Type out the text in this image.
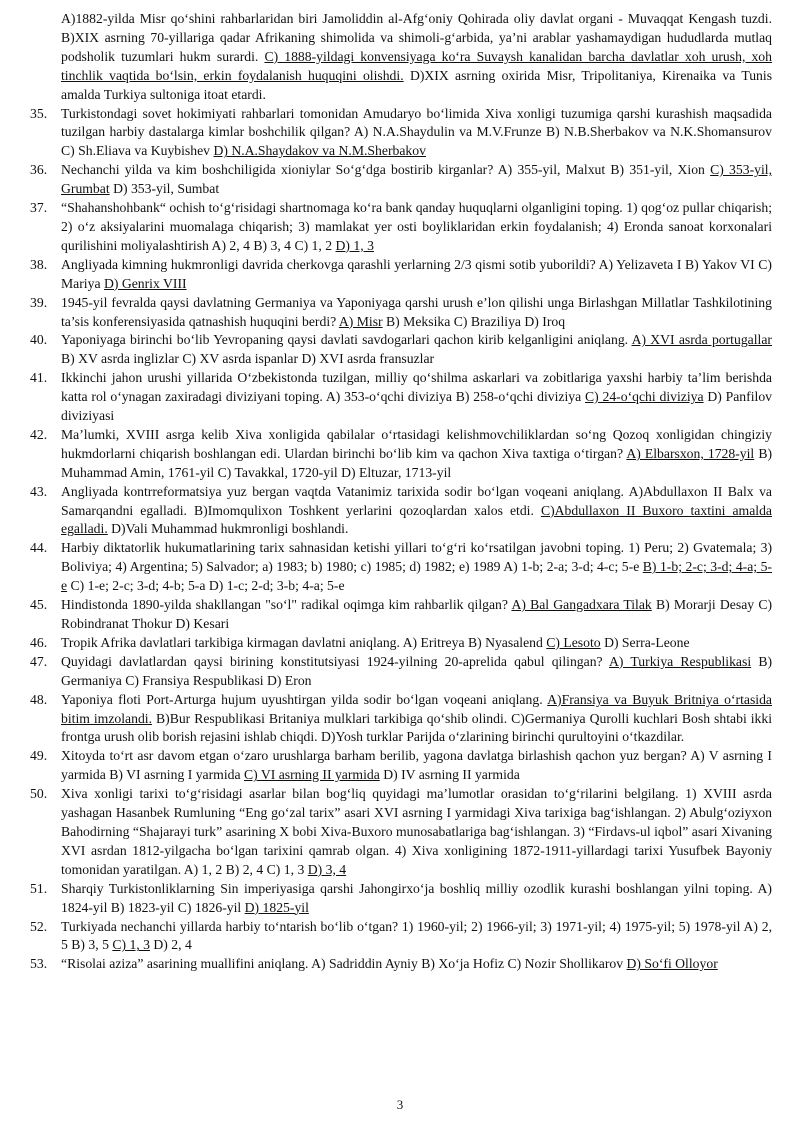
A)1882-yilda Misr qo‘shini rahbarlaridan biri Jamoliddin al-Afg‘oniy Qohirada oliy davlat organi - Muvaqqat Kengash tuzdi. B)XIX asrning 70-yillariga qadar Afrikaning shimolida va shimoli-g‘arbida, ya’ni arablar yashamaydigan hududlarda mutlaq podsholik tuzumlari hukm surardi. C) 1888-yildagi konvensiyaga ko‘ra Suvaysh kanalidan barcha davlatlar xoh urush, xoh tinchlik vaqtida bo‘lsin, erkin foydalanish huquqini olishdi. D)XIX asrning oxirida Misr, Tripolitaniya, Kirenaika va Tunis amalda Turkiya sultoniga itoat etardi.
35. Turkistondagi sovet hokimiyati rahbarlari tomonidan Amudaryo bo‘limida Xiva xonligi tuzumiga qarshi kurashish maqsadida tuzilgan harbiy dastalarga kimlar boshchilik qilgan? A) N.A.Shaydulin va M.V.Frunze B) N.B.Sherbakov va N.K.Shomansurov C) Sh.Eliava va Kuybishev D) N.A.Shaydakov va N.M.Sherbakov
36. Nechanchi yilda va kim boshchiligida xioniylar So‘g‘dga bostirib kirganlar? A) 355-yil, Malxut B) 351-yil, Xion C) 353-yil, Grumbat D) 353-yil, Sumbat
37. “Shahanshohbank“ ochish to‘g‘risidagi shartnomaga ko‘ra bank qanday huquqlarni olganligini toping. 1) qog‘oz pullar chiqarish; 2) o‘z aksiyalarini muomalaga chiqarish; 3) mamlakat yer osti boyliklaridan erkin foydalanish; 4) Eronda sanoat korxonalari qurilishini moliyalashtirish A) 2, 4 B) 3, 4 C) 1, 2 D) 1, 3
38. Angliyada kimning hukmronligi davrida cherkovga qarashli yerlarning 2/3 qismi sotib yuborildi? A) Yelizaveta I B) Yakov VI C) Mariya D) Genrix VIII
39. 1945-yil fevralda qaysi davlatning Germaniya va Yaponiyaga qarshi urush e’lon qilishi unga Birlashgan Millatlar Tashkilotining ta’sis konferensiyasida qatnashish huquqini berdi? A) Misr B) Meksika C) Braziliya D) Iroq
40. Yaponiyaga birinchi bo‘lib Yevropaning qaysi davlati savdogarlari qachon kirib kelganligini aniqlang. A) XVI asrda portugallar B) XV asrda inglizlar C) XV asrda ispanlar D) XVI asrda fransuzlar
41. Ikkinchi jahon urushi yillarida O‘zbekistonda tuzilgan, milliy qo‘shilma askarlari va zobitlariga yaxshi harbiy ta’lim berishda katta rol o‘ynagan zaxiradagi diviziyani toping. A) 353-o‘qchi diviziya B) 258-o‘qchi diviziya C) 24-o‘qchi diviziya D) Panfilov diviziyasi
42. Ma’lumki, XVIII asrga kelib Xiva xonligida qabilalar o‘rtasidagi kelishmovchiliklardan so‘ng Qozoq xonligidan chingiziy hukmdorlarni chiqarish boshlangan edi. Ulardan birinchi bo‘lib kim va qachon Xiva taxtiga o‘tirgan? A) Elbarsxon, 1728-yil B) Muhammad Amin, 1761-yil C) Tavakkal, 1720-yil D) Eltuzar, 1713-yil
43. Angliyada kontrreformatsiya yuz bergan vaqtda Vatanimiz tarixida sodir bo‘lgan voqeani aniqlang. A)Abdullaxon II Balx va Samarqandni egalladi. B)Imomqulixon Toshkent yerlarini qozoqlardan xalos etdi. C)Abdullaxon II Buxoro taxtini amalda egalladi. D)Vali Muhammad hukmronligi boshlandi.
44. Harbiy diktatorlik hukumatlarining tarix sahnasidan ketishi yillari to‘g‘ri ko‘rsatilgan javobni toping. 1) Peru; 2) Gvatemala; 3) Boliviya; 4) Argentina; 5) Salvador; a) 1983; b) 1980; c) 1985; d) 1982; e) 1989 A) 1-b; 2-a; 3-d; 4-c; 5-e B) 1-b; 2-c; 3-d; 4-a; 5-e C) 1-e; 2-c; 3-d; 4-b; 5-a D) 1-c; 2-d; 3-b; 4-a; 5-e
45. Hindistonda 1890-yilda shakllangan "so‘l" radikal oqimga kim rahbarlik qilgan? A) Bal Gangadxara Tilak B) Morarji Desay C) Robindranat Thokur D) Kesari
46. Tropik Afrika davlatlari tarkibiga kirmagan davlatni aniqlang. A) Eritreya B) Nyasalend C) Lesoto D) Serra-Leone
47. Quyidagi davlatlardan qaysi birining konstitutsiyasi 1924-yilning 20-aprelida qabul qilingan? A) Turkiya Respublikasi B) Germaniya C) Fransiya Respublikasi D) Eron
48. Yaponiya floti Port-Arturga hujum uyushtirgan yilda sodir bo‘lgan voqeani aniqlang. A)Fransiya va Buyuk Britniya o‘rtasida bitim imzolandi. B)Bur Respublikasi Britaniya mulklari tarkibiga qo‘shib olindi. C)Germaniya Qurolli kuchlari Bosh shtabi ikki frontga urush olib borish rejasini ishlab chiqdi. D)Yosh turklar Parijda o‘zlarining birinchi qurultoyini o‘tkazdilar.
49. Xitoyda to‘rt asr davom etgan o‘zaro urushlarga barham berilib, yagona davlatga birlashish qachon yuz bergan? A) V asrning I yarmida B) VI asrning I yarmida C) VI asrning II yarmida D) IV asrning II yarmida
50. Xiva xonligi tarixi to‘g‘risidagi asarlar bilan bog‘liq quyidagi ma’lumotlar orasidan to‘g‘rilarini belgilang. 1) XVIII asrda yashagan Hasanbek Rumluning “Eng go‘zal tarix” asari XVI asrning I yarmidagi Xiva tarixiga bag‘ishlangan. 2) Abulg‘oziyxon Bahodirning “Shajarayi turk” asarining X bobi Xiva-Buxoro munosabatlariga bag‘ishlangan. 3) “Firdavs-ul iqbol” asari Xivaning XVI asrdan 1812-yilgacha bo‘lgan tarixini qamrab olgan. 4) Xiva xonligining 1872-1911-yillardagi tarixi Yusufbek Bayoniy tomonidan yaratilgan. A) 1, 2 B) 2, 4 C) 1, 3 D) 3, 4
51. Sharqiy Turkistonliklarning Sin imperiyasiga qarshi Jahongirxo‘ja boshliq milliy ozodlik kurashi boshlangan yilni toping. A) 1824-yil B) 1823-yil C) 1826-yil D) 1825-yil
52. Turkiyada nechanchi yillarda harbiy to‘ntarish bo‘lib o‘tgan? 1) 1960-yil; 2) 1966-yil; 3) 1971-yil; 4) 1975-yil; 5) 1978-yil A) 2, 5 B) 3, 5 C) 1, 3 D) 2, 4
53. “Risolai aziza” asarining muallifini aniqlang. A) Sadriddin Ayniy B) Xo‘ja Hofiz C) Nozir Shollikarov D) So‘fi Olloyor
3
